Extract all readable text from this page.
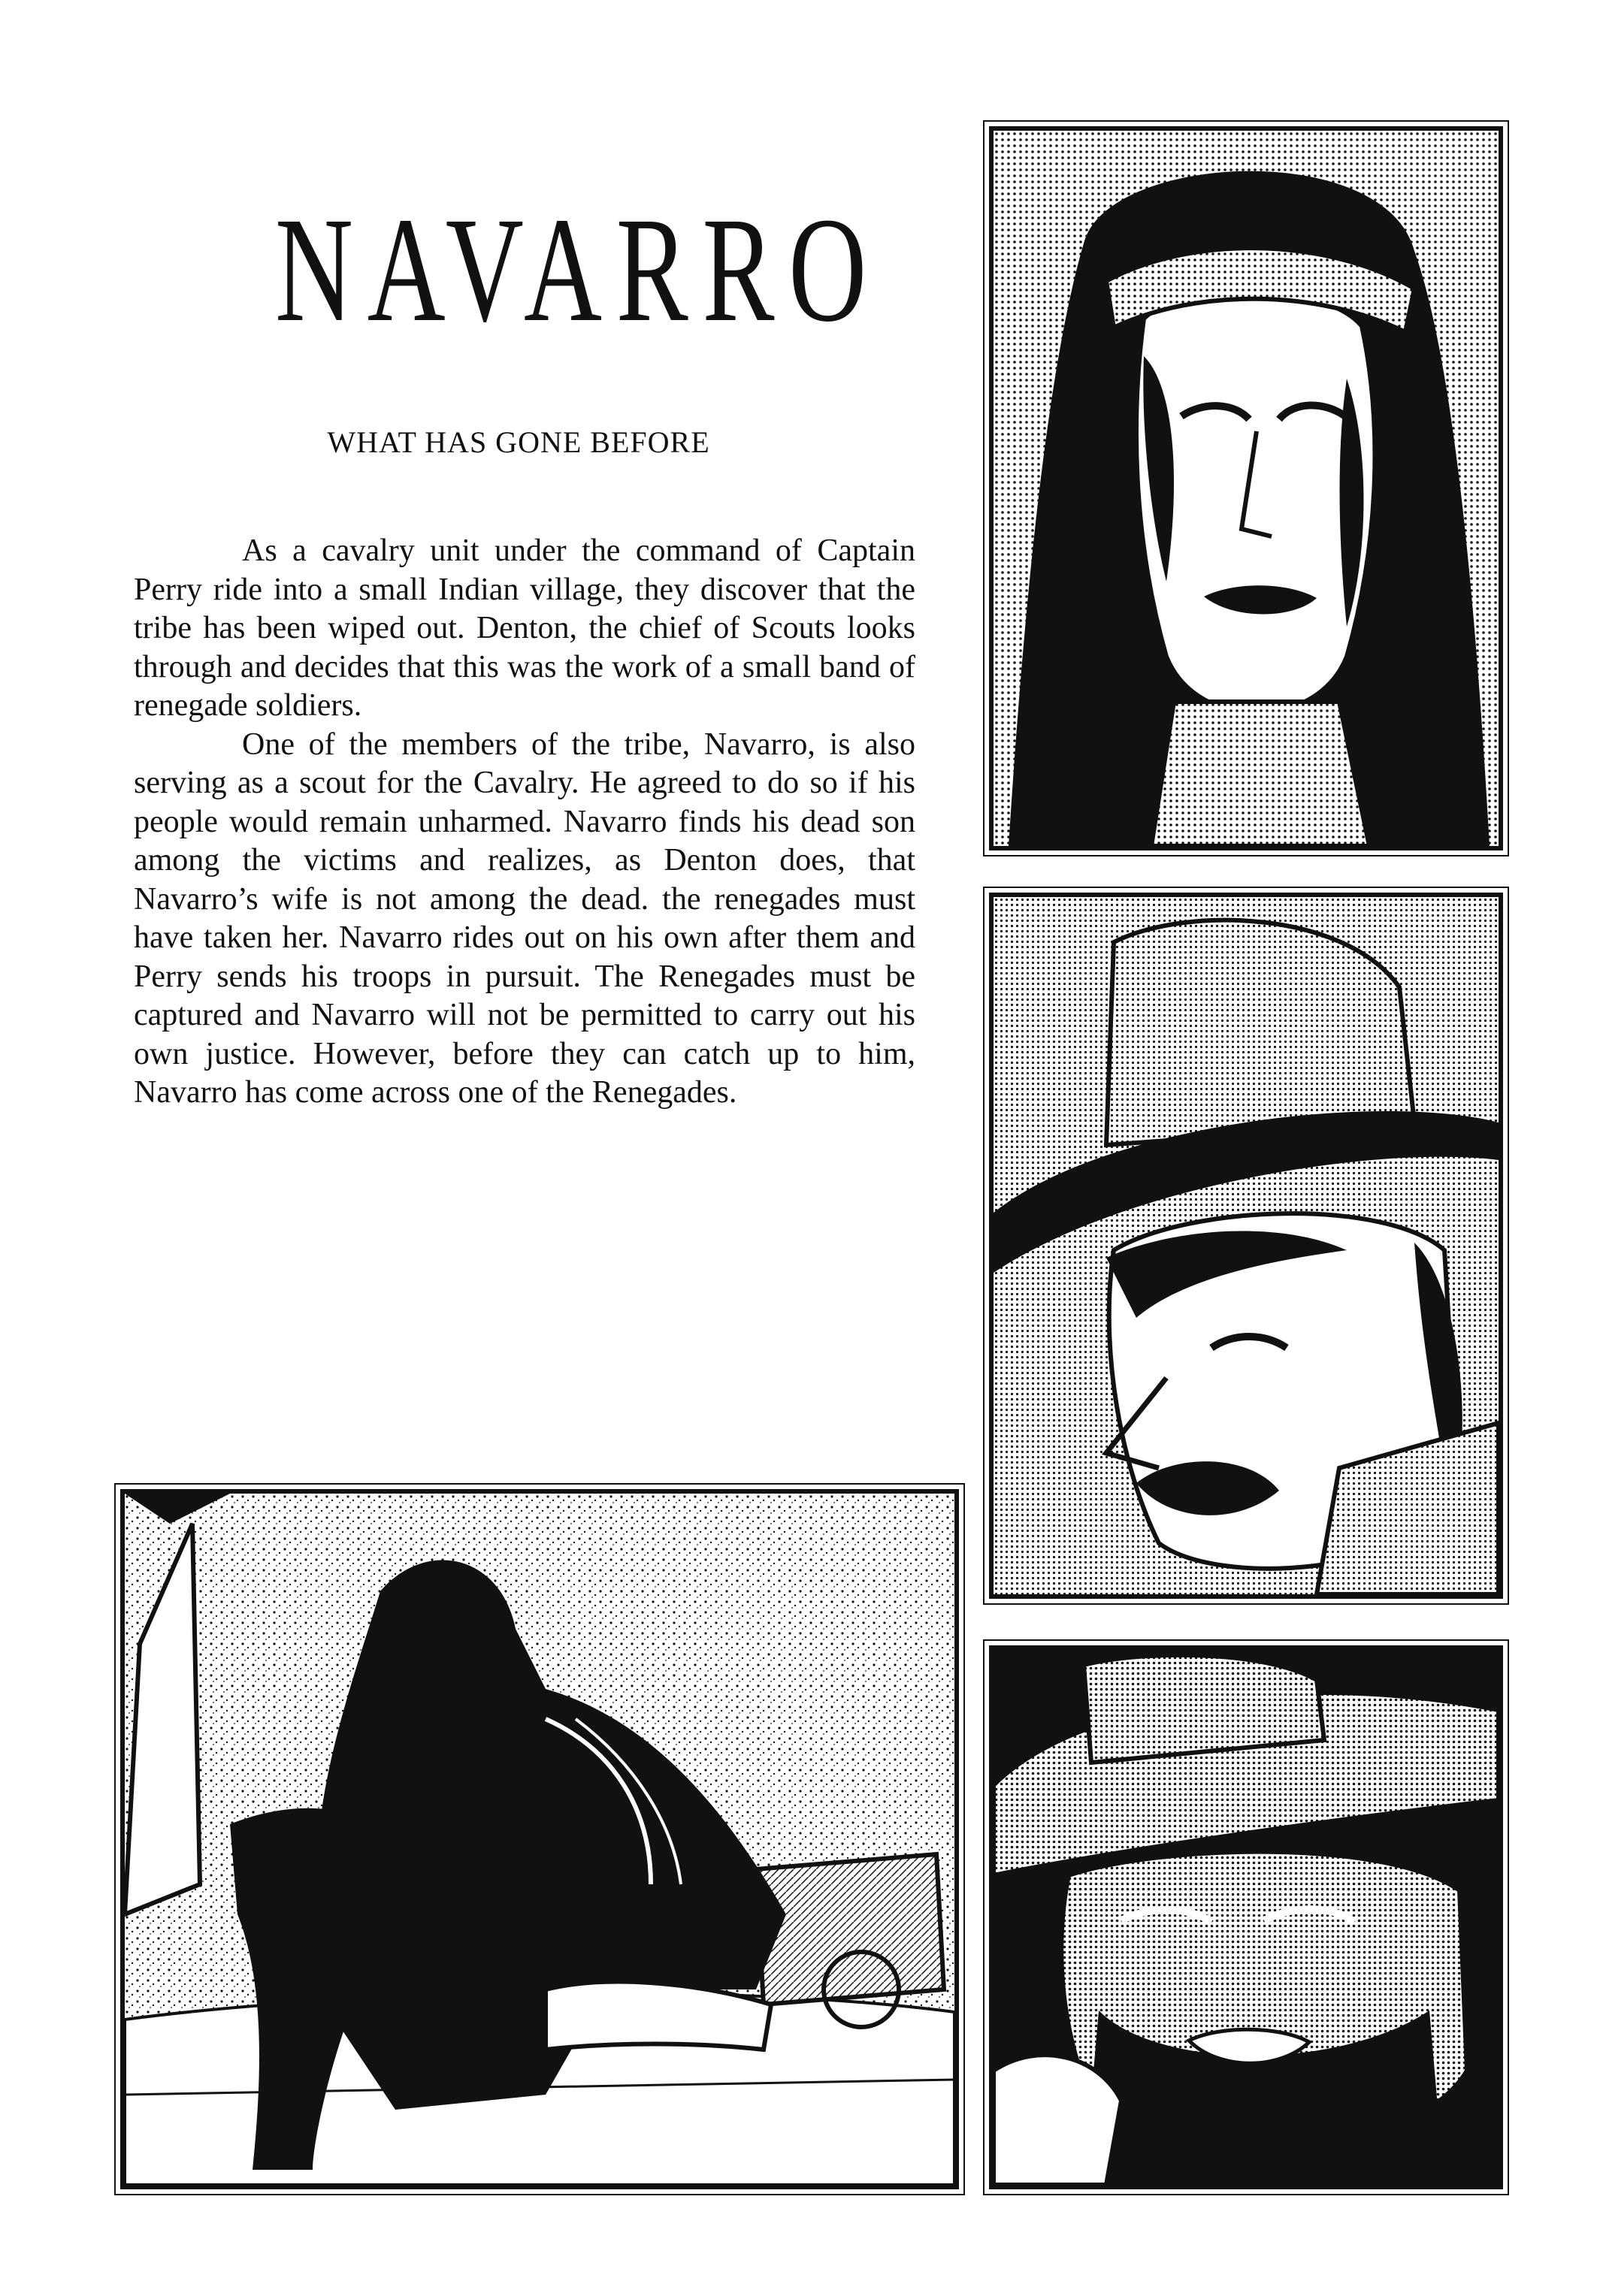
NAVARRO
WHAT HAS GONE BEFORE

As a cavalry unit under the command of Captain Perry ride into a small Indian village, they discover that the tribe has been wiped out. Denton, the chief of Scouts looks through and decides that this was the work of a small band of renegade soldiers.

One of the members of the tribe, Navarro, is also serving as a scout for the Cavalry. He agreed to do so if his people would remain unharmed. Navarro finds his dead son among the victims and realizes, as Denton does, that Navarro’s wife is not among the dead. the renegades must have taken her. Navarro rides out on his own after them and Perry sends his troops in pursuit. The Renegades must be captured and Navarro will not be permitted to carry out his own justice. However, before they can catch up to him, Navarro has come across one of the Renegades.
